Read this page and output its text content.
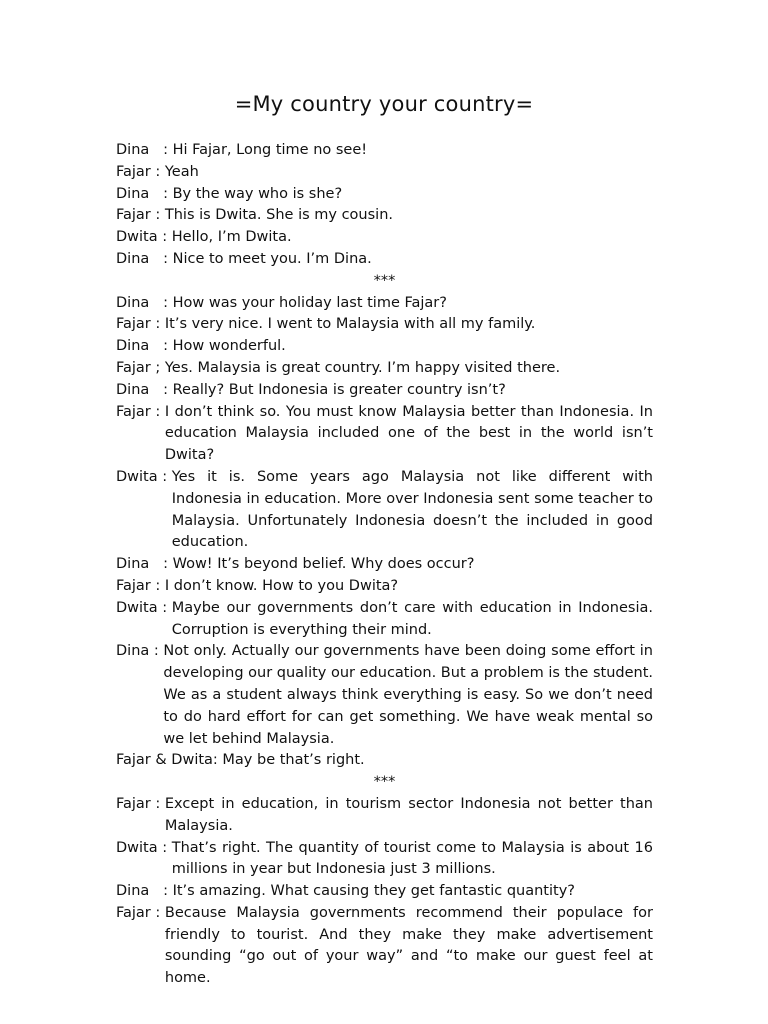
=My country your country=
Dina   : Hi Fajar, Long time no see!
Fajar : Yeah
Dina   : By the way who is she?
Fajar : This is Dwita. She is my cousin.
Dwita : Hello, I’m Dwita.
Dina   : Nice to meet you. I’m Dina.
***
Dina   : How was your holiday last time Fajar?
Fajar : It’s very nice. I went to Malaysia with all my family.
Dina   : How wonderful.
Fajar ; Yes. Malaysia is great country. I’m happy visited there.
Dina   : Really? But Indonesia is greater country isn’t?
Fajar : I don’t think so. You must know Malaysia better than Indonesia. In education Malaysia included one of the best in the world isn’t Dwita?
Dwita : Yes it is. Some years ago Malaysia not like different with Indonesia in education. More over Indonesia sent some teacher to Malaysia. Unfortunately Indonesia doesn’t the included in good education.
Dina   : Wow! It’s beyond belief. Why does occur?
Fajar : I don’t know. How to you Dwita?
Dwita : Maybe our governments don’t care with education in Indonesia. Corruption is everything their mind.
Dina : Not only. Actually our governments have been doing some effort in developing our quality our education. But a problem is the student. We as a student always think everything is easy. So we don’t need to do hard effort for can get something. We have weak mental so we let behind Malaysia.
Fajar & Dwita: May be that’s right.
***
Fajar : Except in education, in tourism sector Indonesia not better than Malaysia.
Dwita : That’s right. The quantity of tourist come to Malaysia is about 16 millions in year but Indonesia just 3 millions.
Dina   : It’s amazing. What causing they get fantastic quantity?
Fajar : Because Malaysia governments recommend their populace for friendly to tourist. And they make they make advertisement sounding “go out of your way” and “to make our guest feel at home.
